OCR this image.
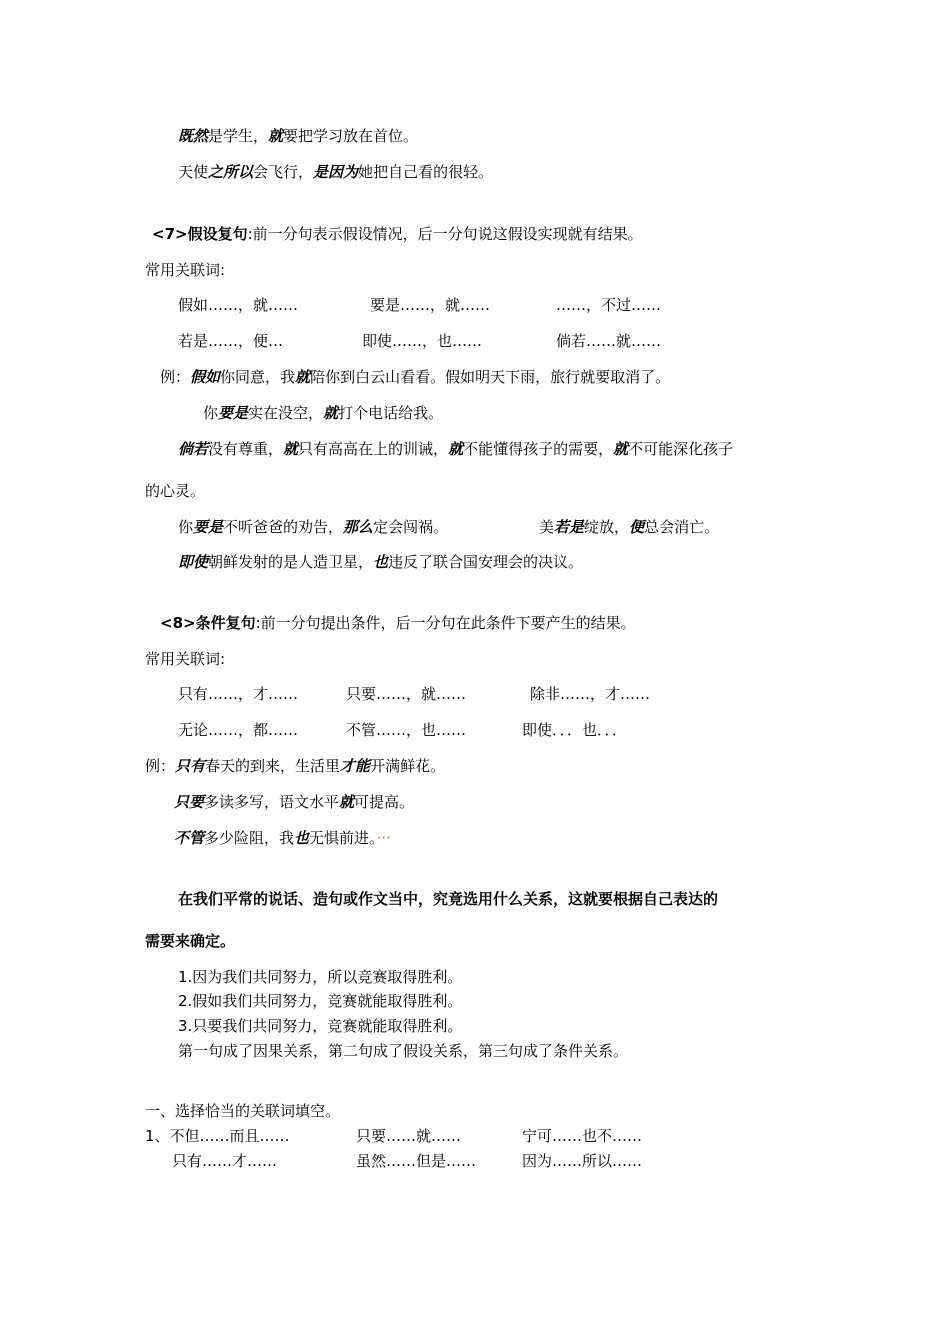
既然是学生，就要把学习放在首位。
天使之所以会飞行，是因为她把自己看的很轻。
<7>假设复句:前一分句表示假设情况，后一分句说这假设实现就有结果。
常用关联词:
假如……，就……	要是……，就……	……，不过……
若是……，便…	即使……，也……	倘若……就……
例：假如你同意，我就陪你到白云山看看。假如明天下雨，旅行就要取消了。
你要是实在没空，就打个电话给我。
倘若没有尊重，就只有高高在上的训诫，就不能懂得孩子的需要，就不可能深化孩子
的心灵。
你要是不听爸爸的劝告，那么定会闯祸。	美若是绽放，便总会消亡。
即使朝鲜发射的是人造卫星，也违反了联合国安理会的决议。
<8>条件复句:前一分句提出条件，后一分句在此条件下要产生的结果。
常用关联词:
只有……，才……	只要……，就……	除非……，才……
无论……，都……	不管……，也……	即使．．．也．．．
例：只有春天的到来，生活里才能开满鲜花。
只要多读多写，语文水平就可提高。
不管多少险阻，我也无惧前进。···
在我们平常的说话、造句或作文当中，究竟选用什么关系，这就要根据自己表达的
需要来确定。
1.因为我们共同努力，所以竞赛取得胜利。
2.假如我们共同努力，竞赛就能取得胜利。
3.只要我们共同努力，竞赛就能取得胜利。
第一句成了因果关系，第二句成了假设关系，第三句成了条件关系。
一、选择恰当的关联词填空。
1、不但……而且……	只要……就……	宁可……也不……
只有……才……	虽然……但是……	因为……所以……
